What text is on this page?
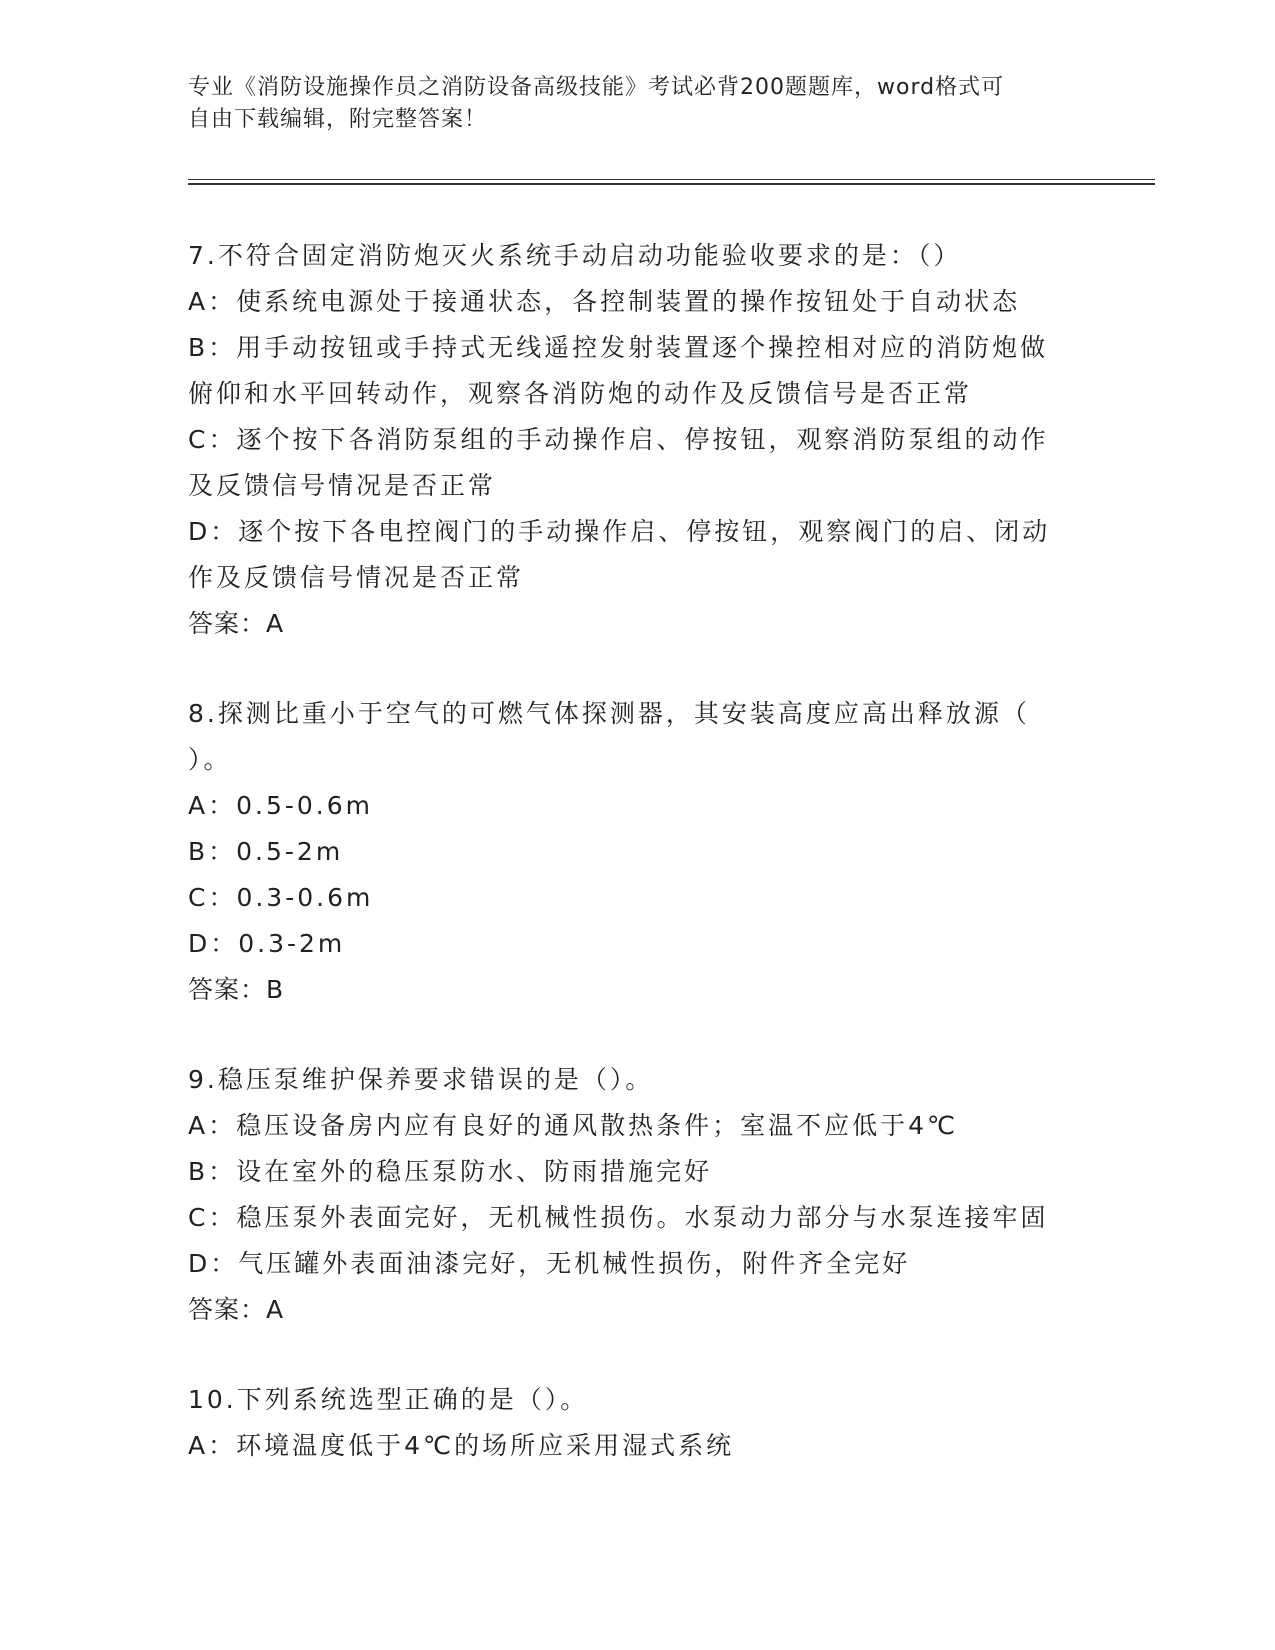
专业《消防设施操作员之消防设备高级技能》考试必背200题题库，word格式可
自由下载编辑，附完整答案！
7.不符合固定消防炮灭火系统手动启动功能验收要求的是：（）
A：使系统电源处于接通状态，各控制装置的操作按钮处于自动状态
B：用手动按钮或手持式无线遥控发射装置逐个操控相对应的消防炮做
俯仰和水平回转动作，观察各消防炮的动作及反馈信号是否正常
C：逐个按下各消防泵组的手动操作启、停按钮，观察消防泵组的动作
及反馈信号情况是否正常
D：逐个按下各电控阀门的手动操作启、停按钮，观察阀门的启、闭动
作及反馈信号情况是否正常
答案：A
8.探测比重小于空气的可燃气体探测器，其安装高度应高出释放源（
）。
A：0.5-0.6m
B：0.5-2m
C：0.3-0.6m
D：0.3-2m
答案：B
9.稳压泵维护保养要求错误的是（）。
A：稳压设备房内应有良好的通风散热条件；室温不应低于4℃
B：设在室外的稳压泵防水、防雨措施完好
C：稳压泵外表面完好，无机械性损伤。水泵动力部分与水泵连接牢固
D：气压罐外表面油漆完好，无机械性损伤，附件齐全完好
答案：A
10.下列系统选型正确的是（）。
A：环境温度低于4℃的场所应采用湿式系统
